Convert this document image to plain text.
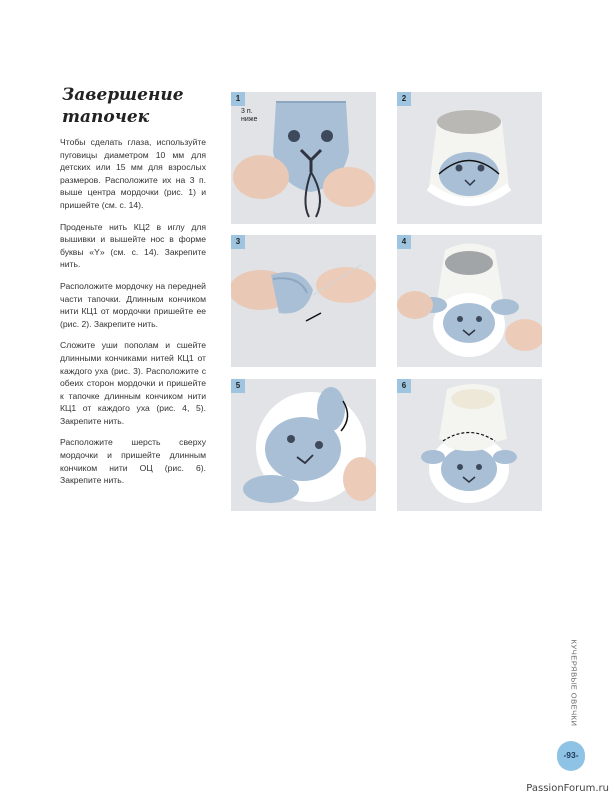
Завершение
тапочек

Чтобы сделать глаза, используйте пуговицы диаметром 10 мм для детских или 15 мм для взрослых размеров. Расположите их на 3 п. выше центра мордочки (рис. 1) и пришейте (см. с. 14).

Проденьте нить КЦ2 в иглу для вышивки и вышейте нос в форме буквы «Y» (см. с. 14). Закрепите нить.

Расположите мордочку на передней части тапочки. Длинным кончиком нити КЦ1 от мордочки пришейте ее (рис. 2). Закрепите нить.

Сложите уши пополам и сшейте длинными кончиками нитей КЦ1 от каждого уха (рис. 3). Расположите с обеих сторон мордочки и пришейте к тапочке длинным кончиком нити КЦ1 от каждого уха (рис. 4, 5). Закрепите нить.

Расположите шерсть сверху мордочки и пришейте длинным кончиком нити ОЦ (рис. 6). Закрепите нить.

1
3 п.
ниже
2
3	4
5	6
КУЧЕРЯВЫЕ ОВЕЧКИ
-93-
PassionForum.ru
